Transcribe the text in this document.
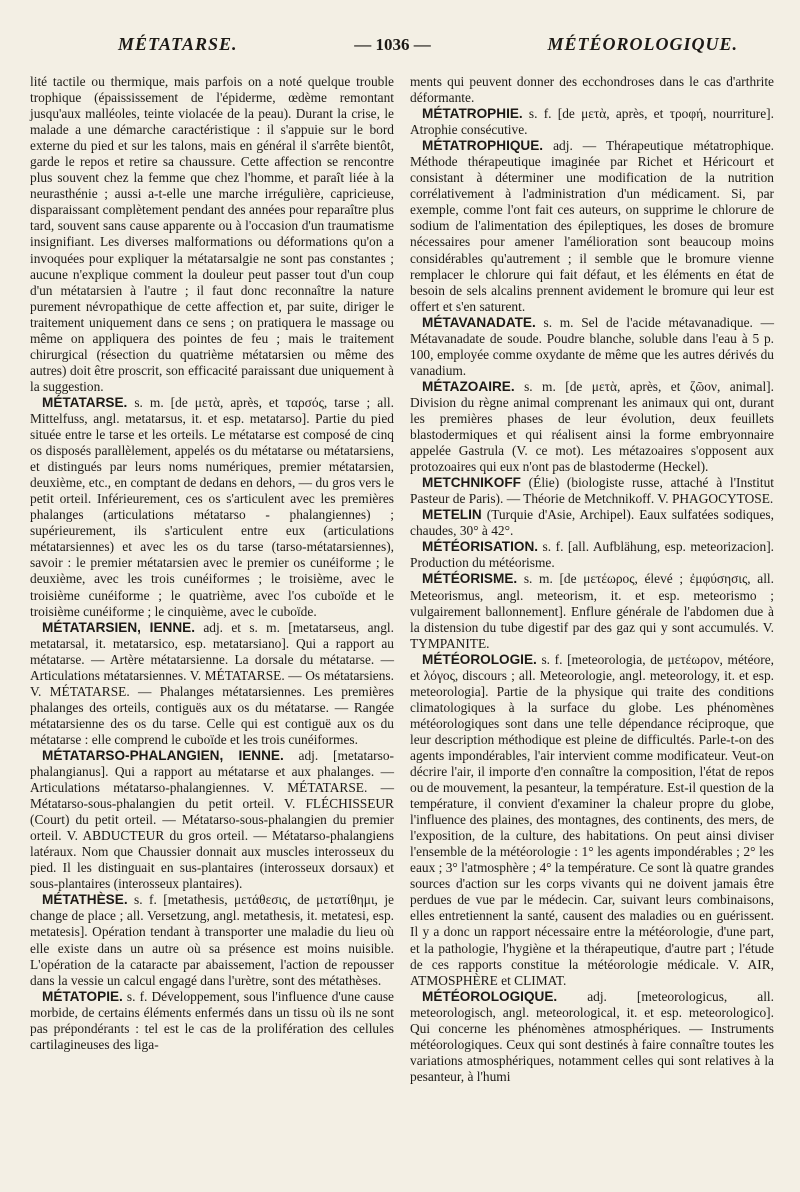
MÉTATARSE.	— 1036 —	MÉTÉOROLOGIQUE.

lité tactile ou thermique, mais parfois on a noté quelque trouble trophique (épaississement de l'épiderme, œdème remontant jusqu'aux malléoles, teinte violacée de la peau). Durant la crise, le malade a une démarche caractéristique : il s'appuie sur le bord externe du pied et sur les talons, mais en général il s'arrête bientôt, garde le repos et retire sa chaussure. Cette affection se rencontre plus souvent chez la femme que chez l'homme, et paraît liée à la neurasthénie ; aussi a-t-elle une marche irrégulière, capricieuse, disparaissant complètement pendant des années pour reparaître plus tard, souvent sans cause apparente ou à l'occasion d'un traumatisme insignifiant. Les diverses malformations ou déformations qu'on a invoquées pour expliquer la métatarsalgie ne sont pas constantes ; aucune n'explique comment la douleur peut passer tout d'un coup d'un métatarsien à l'autre ; il faut donc reconnaître la nature purement névropathique de cette affection et, par suite, diriger le traitement uniquement dans ce sens ; on pratiquera le massage ou même on appliquera des pointes de feu ; mais le traitement chirurgical (résection du quatrième métatarsien ou même des autres) doit être proscrit, son efficacité paraissant due uniquement à la suggestion.

MÉTATARSE. s. m. [de μετὰ, après, et ταρσός, tarse ; all. Mittelfuss, angl. metatarsus, it. et esp. metatarso]. Partie du pied située entre le tarse et les orteils. Le métatarse est composé de cinq os disposés parallèlement, appelés os du métatarse ou métatarsiens, et distingués par leurs noms numériques, premier métatarsien, deuxième, etc., en comptant de dedans en dehors, — du gros vers le petit orteil. Inférieurement, ces os s'articulent avec les premières phalanges (articulations métatarso - phalangiennes) ; supérieurement, ils s'articulent entre eux (articulations métatarsiennes) et avec les os du tarse (tarso-métatarsiennes), savoir : le premier métatarsien avec le premier os cunéiforme ; le deuxième, avec les trois cunéiformes ; le troisième, avec le troisième cunéiforme ; le quatrième, avec l'os cuboïde et le troisième cunéiforme ; le cinquième, avec le cuboïde.

MÉTATARSIEN, IENNE. adj. et s. m. [metatarseus, angl. metatarsal, it. metatarsico, esp. metatarsiano]. Qui a rapport au métatarse. — Artère métatarsienne. La dorsale du métatarse. — Articulations métatarsiennes. V. MÉTATARSE. — Os métatarsiens. V. MÉTATARSE. — Phalanges métatarsiennes. Les premières phalanges des orteils, contiguës aux os du métatarse. — Rangée métatarsienne des os du tarse. Celle qui est contiguë aux os du métatarse : elle comprend le cuboïde et les trois cunéiformes.

MÉTATARSO-PHALANGIEN, IENNE. adj. [metatarso-phalangianus]. Qui a rapport au métatarse et aux phalanges. — Articulations métatarso-phalangiennes. V. MÉTATARSE. — Métatarso-sous-phalangien du petit orteil. V. FLÉCHISSEUR (Court) du petit orteil. — Métatarso-sous-phalangien du premier orteil. V. ABDUCTEUR du gros orteil. — Métatarso-phalangiens latéraux. Nom que Chaussier donnait aux muscles interosseux du pied. Il les distinguait en sus-plantaires (interosseux dorsaux) et sous-plantaires (interosseux plantaires).

MÉTATHÈSE. s. f. [metathesis, μετάθεσις, de μετατίθημι, je change de place ; all. Versetzung, angl. metathesis, it. metatesi, esp. metatesis]. Opération tendant à transporter une maladie du lieu où elle existe dans un autre où sa présence est moins nuisible. L'opération de la cataracte par abaissement, l'action de repousser dans la vessie un calcul engagé dans l'urètre, sont des métathèses.

MÉTATOPIE. s. f. Développement, sous l'influence d'une cause morbide, de certains éléments enfermés dans un tissu où ils ne sont pas prépondérants : tel est le cas de la prolifération des cellules cartilagineuses des liga-

ments qui peuvent donner des ecchondroses dans le cas d'arthrite déformante.

MÉTATROPHIE. s. f. [de μετὰ, après, et τροφή, nourriture]. Atrophie consécutive.

MÉTATROPHIQUE. adj. — Thérapeutique métatrophique. Méthode thérapeutique imaginée par Richet et Héricourt et consistant à déterminer une modification de la nutrition corrélativement à l'administration d'un médicament. Si, par exemple, comme l'ont fait ces auteurs, on supprime le chlorure de sodium de l'alimentation des épileptiques, les doses de bromure nécessaires pour amener l'amélioration sont beaucoup moins considérables qu'autrement ; il semble que le bromure vienne remplacer le chlorure qui fait défaut, et les éléments en état de besoin de sels alcalins prennent avidement le bromure qui leur est offert et s'en saturent.

MÉTAVANADATE. s. m. Sel de l'acide métavanadique. — Métavanadate de soude. Poudre blanche, soluble dans l'eau à 5 p. 100, employée comme oxydante de même que les autres dérivés du vanadium.

MÉTAZOAIRE. s. m. [de μετὰ, après, et ζῶον, animal]. Division du règne animal comprenant les animaux qui ont, durant les premières phases de leur évolution, deux feuillets blastodermiques et qui réalisent ainsi la forme embryonnaire appelée Gastrula (V. ce mot). Les métazoaires s'opposent aux protozoaires qui eux n'ont pas de blastoderme (Heckel).

METCHNIKOFF (Élie) (biologiste russe, attaché à l'Institut Pasteur de Paris). — Théorie de Metchnikoff. V. PHAGOCYTOSE.

METELIN (Turquie d'Asie, Archipel). Eaux sulfatées sodiques, chaudes, 30° à 42°.

MÉTÉORISATION. s. f. [all. Aufblähung, esp. meteorizacion]. Production du météorisme.

MÉTÉORISME. s. m. [de μετέωρος, élevé ; ἐμφύσησις, all. Meteorismus, angl. meteorism, it. et esp. meteorismo ; vulgairement ballonnement]. Enflure générale de l'abdomen due à la distension du tube digestif par des gaz qui y sont accumulés. V. TYMPANITE.

MÉTÉOROLOGIE. s. f. [meteorologia, de μετέωρον, météore, et λόγος, discours ; all. Meteorologie, angl. meteorology, it. et esp. meteorologia]. Partie de la physique qui traite des conditions climatologiques à la surface du globe. Les phénomènes météorologiques sont dans une telle dépendance réciproque, que leur description méthodique est pleine de difficultés. Parle-t-on des agents impondérables, l'air intervient comme modificateur. Veut-on décrire l'air, il importe d'en connaître la composition, l'état de repos ou de mouvement, la pesanteur, la température. Est-il question de la température, il convient d'examiner la chaleur propre du globe, l'influence des plaines, des montagnes, des continents, des mers, de l'exposition, de la culture, des habitations. On peut ainsi diviser l'ensemble de la météorologie : 1° les agents impondérables ; 2° les eaux ; 3° l'atmosphère ; 4° la température. Ce sont là quatre grandes sources d'action sur les corps vivants qui ne doivent jamais être perdues de vue par le médecin. Car, suivant leurs combinaisons, elles entretiennent la santé, causent des maladies ou en guérissent. Il y a donc un rapport nécessaire entre la météorologie, d'une part, et la pathologie, l'hygiène et la thérapeutique, d'autre part ; l'étude de ces rapports constitue la météorologie médicale. V. AIR, ATMOSPHÈRE et CLIMAT.

MÉTÉOROLOGIQUE. adj. [meteorologicus, all. meteorologisch, angl. meteorological, it. et esp. meteorologico]. Qui concerne les phénomènes atmosphériques. — Instruments météorologiques. Ceux qui sont destinés à faire connaître toutes les variations atmosphériques, notamment celles qui sont relatives à la pesanteur, à l'humi
